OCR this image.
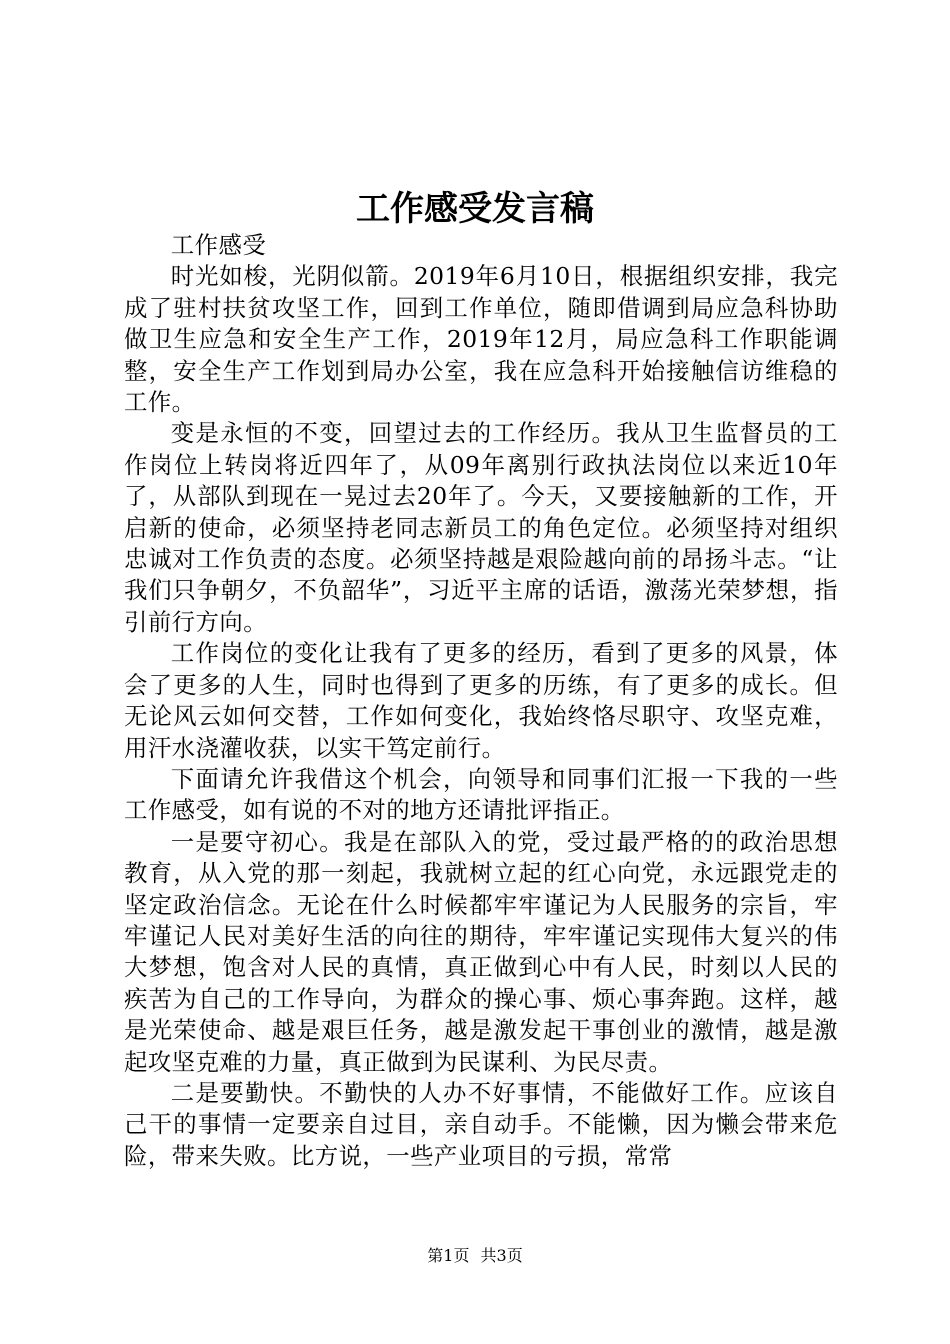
工作感受发言稿

工作感受

时光如梭，光阴似箭。2019年6月10日，根据组织安排，我完成了驻村扶贫攻坚工作，回到工作单位，随即借调到局应急科协助做卫生应急和安全生产工作，2019年12月，局应急科工作职能调整，安全生产工作划到局办公室，我在应急科开始接触信访维稳的工作。

变是永恒的不变，回望过去的工作经历。我从卫生监督员的工作岗位上转岗将近四年了，从09年离别行政执法岗位以来近10年了，从部队到现在一晃过去20年了。今天，又要接触新的工作，开启新的使命，必须坚持老同志新员工的角色定位。必须坚持对组织忠诚对工作负责的态度。必须坚持越是艰险越向前的昂扬斗志。“让我们只争朝夕，不负韶华”，习近平主席的话语，激荡光荣梦想，指引前行方向。

工作岗位的变化让我有了更多的经历，看到了更多的风景，体会了更多的人生，同时也得到了更多的历练，有了更多的成长。但无论风云如何交替，工作如何变化，我始终恪尽职守、攻坚克难，用汗水浇灌收获，以实干笃定前行。

下面请允许我借这个机会，向领导和同事们汇报一下我的一些工作感受，如有说的不对的地方还请批评指正。

一是要守初心。我是在部队入的党，受过最严格的的政治思想教育，从入党的那一刻起，我就树立起的红心向党，永远跟党走的坚定政治信念。无论在什么时候都牢牢谨记为人民服务的宗旨，牢牢谨记人民对美好生活的向往的期待，牢牢谨记实现伟大复兴的伟大梦想，饱含对人民的真情，真正做到心中有人民，时刻以人民的疾苦为自己的工作导向，为群众的操心事、烦心事奔跑。这样，越是光荣使命、越是艰巨任务，越是激发起干事创业的激情，越是激起攻坚克难的力量，真正做到为民谋利、为民尽责。

二是要勤快。不勤快的人办不好事情，不能做好工作。应该自己干的事情一定要亲自过目，亲自动手。不能懒，因为懒会带来危险，带来失败。比方说，一些产业项目的亏损，常常

第1页 共3页
